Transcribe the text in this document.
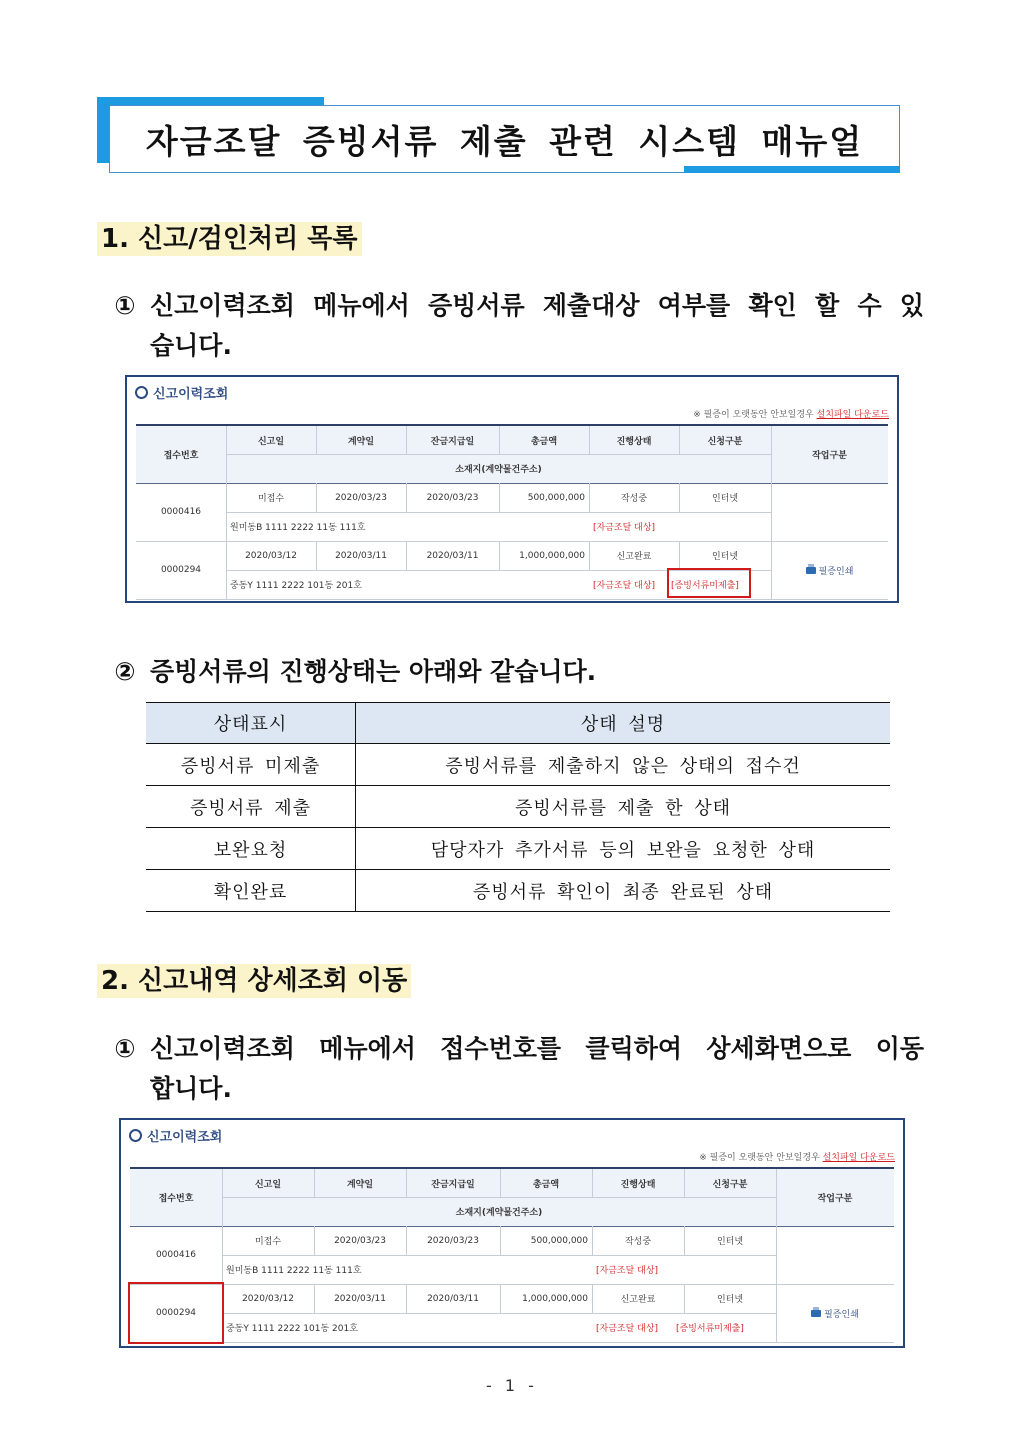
자금조달 증빙서류 제출 관련 시스템 매뉴얼
1. 신고/검인처리 목록
① 신고이력조회 메뉴에서 증빙서류 제출대상 여부를 확인 할 수 있
습니다.
신고이력조회
※ 필증이 오랫동안 안보일경우 설치파일 다운로드
접수번호
신고일	계약일	잔금지급일	총금액	진행상태	신청구분
소재지(계약물건주소)
작업구분
0000416
미접수	2020/03/23	2020/03/23	500,000,000	작성중	인터넷
원미동B 1111 2222 11동 111호	[자금조달 대상]
0000294
2020/03/12	2020/03/11	2020/03/11	1,000,000,000	신고완료	인터넷
중동Y 1111 2222 101동 201호	[자금조달 대상]	[증빙서류미제출]
필증인쇄
② 증빙서류의 진행상태는 아래와 같습니다.
상태표시	상태 설명
증빙서류 미제출	증빙서류를 제출하지 않은 상태의 접수건
증빙서류 제출	증빙서류를 제출 한 상태
보완요청	담당자가 추가서류 등의 보완을 요청한 상태
확인완료	증빙서류 확인이 최종 완료된 상태
2. 신고내역 상세조회 이동
① 신고이력조회 메뉴에서 접수번호를 클릭하여 상세화면으로 이동
합니다.
신고이력조회
※ 필증이 오랫동안 안보일경우 설치파일 다운로드
접수번호
신고일	계약일	잔금지급일	총금액	진행상태	신청구분
소재지(계약물건주소)
작업구분
0000416
미접수	2020/03/23	2020/03/23	500,000,000	작성중	인터넷
원미동B 1111 2222 11동 111호	[자금조달 대상]
0000294
2020/03/12	2020/03/11	2020/03/11	1,000,000,000	신고완료	인터넷
중동Y 1111 2222 101동 201호	[자금조달 대상]	[증빙서류미제출]
필증인쇄
- 1 -
